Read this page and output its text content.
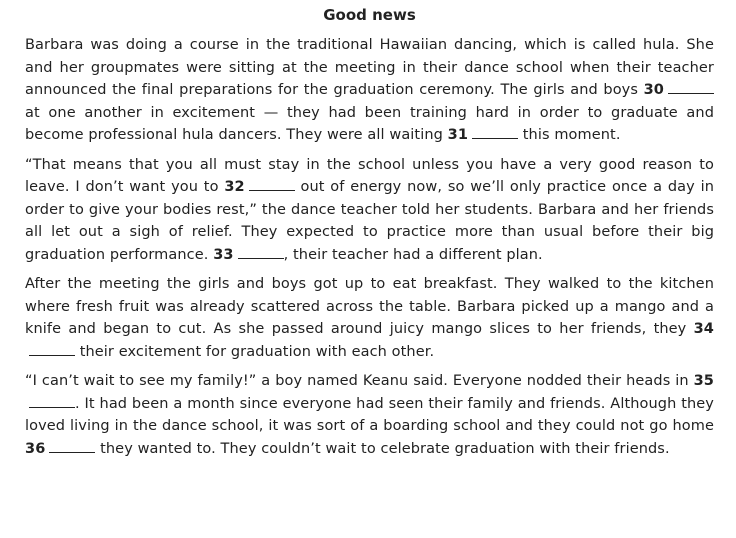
Good news

Barbara was doing a course in the traditional Hawaiian dancing, which is called hula. She and her groupmates were sitting at the meeting in their dance school when their teacher announced the final preparations for the graduation ceremony. The girls and boys 30 at one another in excitement — they had been training hard in order to graduate and become professional hula dancers. They were all waiting 31	this moment.

“That means that you all must stay in the school unless you have a very good reason to leave. I don’t want you to 32	out of energy now, so we’ll only practice once a day in order to give your bodies rest,” the dance teacher told her students. Barbara and her friends all let out a sigh of relief. They expected to practice more than usual before their big graduation performance. 33	, their teacher had a different plan.

After the meeting the girls and boys got up to eat breakfast. They walked to the kitchen where fresh fruit was already scattered across the table. Barbara picked up a mango and a knife and began to cut. As she passed around juicy mango slices to her friends, they 34 their excitement for graduation with each other.

“I can’t wait to see my family!” a boy named Keanu said. Everyone nodded their heads in 35. It had been a month since everyone had seen their family and friends. Although they loved living in the dance school, it was sort of a boarding school and they could not go home 36	they wanted to. They couldn’t wait to celebrate graduation with their friends.
